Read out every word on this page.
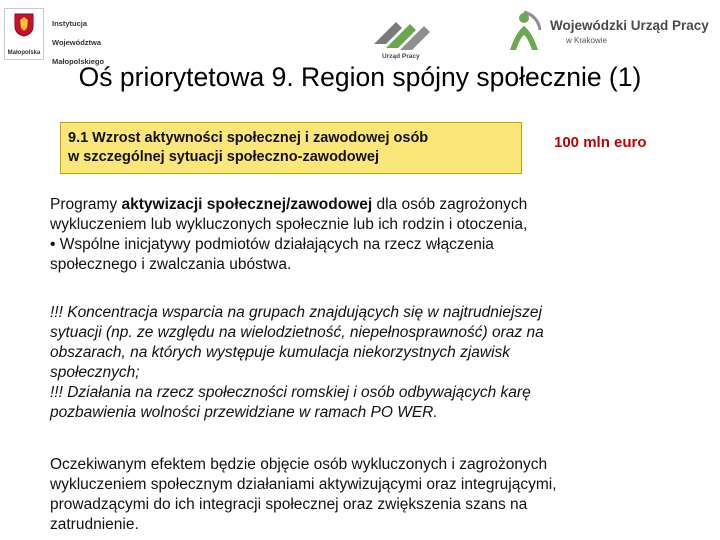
Małopolska
Instytucja
Województwa
Małopolskiego
Urząd Pracy
Wojewódzki Urząd Pracy
w Krakowie
Oś priorytetowa 9. Region spójny społecznie (1)
9.1 Wzrost aktywności społecznej i zawodowej osób
w szczególnej sytuacji społeczno-zawodowej
100 mln euro
Programy aktywizacji społecznej/zawodowej dla osób zagrożonych
wykluczeniem lub wykluczonych społecznie lub ich rodzin i otoczenia,
• Wspólne inicjatywy podmiotów działających na rzecz włączenia
społecznego i zwalczania ubóstwa.
!!! Koncentracja wsparcia na grupach znajdujących się w najtrudniejszej
sytuacji (np. ze względu na wielodzietność, niepełnosprawność) oraz na
obszarach, na których występuje kumulacja niekorzystnych zjawisk
społecznych;
!!! Działania na rzecz społeczności romskiej i osób odbywających karę
pozbawienia wolności przewidziane w ramach PO WER.
Oczekiwanym efektem będzie objęcie osób wykluczonych i zagrożonych
wykluczeniem społecznym działaniami aktywizującymi oraz integrującymi,
prowadzącymi do ich integracji społecznej oraz zwiększenia szans na
zatrudnienie.
